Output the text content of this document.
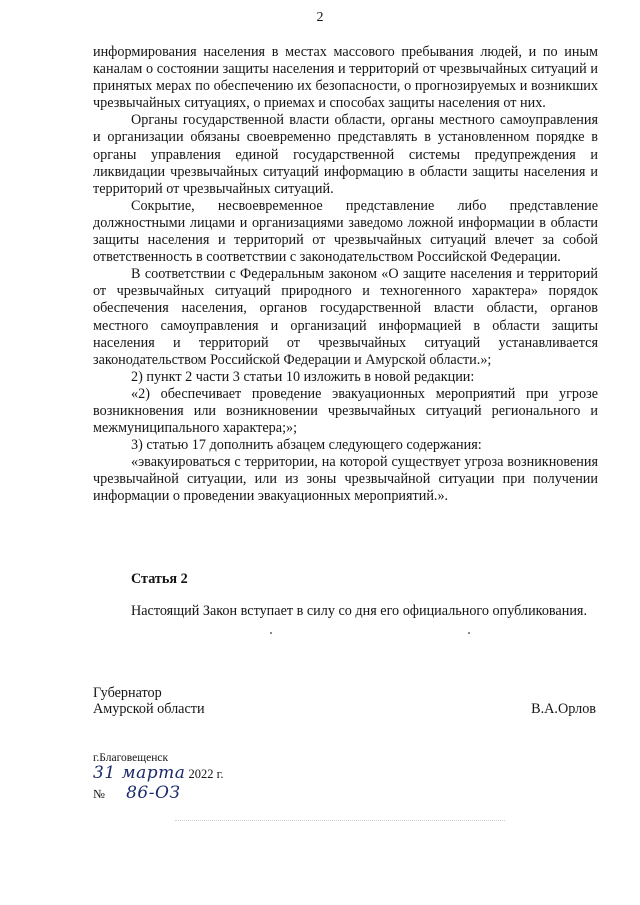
2

информирования населения в местах массового пребывания людей, и по иным каналам о состоянии защиты населения и территорий от чрезвычайных ситуаций и принятых мерах по обеспечению их безопасности, о прогнозируемых и возникших чрезвычайных ситуациях, о приемах и способах защиты населения от них.

Органы государственной власти области, органы местного самоуправления и организации обязаны своевременно представлять в установленном порядке в органы управления единой государственной системы предупреждения и ликвидации чрезвычайных ситуаций информацию в области защиты населения и территорий от чрезвычайных ситуаций.

Сокрытие, несвоевременное представление либо представление должностными лицами и организациями заведомо ложной информации в области защиты населения и территорий от чрезвычайных ситуаций влечет за собой ответственность в соответствии с законодательством Российской Федерации.

В соответствии с Федеральным законом «О защите населения и территорий от чрезвычайных ситуаций природного и техногенного характера» порядок обеспечения населения, органов государственной власти области, органов местного самоуправления и организаций информацией в области защиты населения и территорий от чрезвычайных ситуаций устанавливается законодательством Российской Федерации и Амурской области.»;

2) пункт 2 части 3 статьи 10 изложить в новой редакции:

«2) обеспечивает проведение эвакуационных мероприятий при угрозе возникновения или возникновении чрезвычайных ситуаций регионального и межмуниципального характера;»;

3) статью 17 дополнить абзацем следующего содержания:

«эвакуироваться с территории, на которой существует угроза возникновения чрезвычайной ситуации, или из зоны чрезвычайной ситуации при получении информации о проведении эвакуационных мероприятий.».

Статья 2
Настоящий Закон вступает в силу со дня его официального опубликования.
Губернатор
Амурской области	В.А.Орлов
г.Благовещенск
31 марта 2022 г.
№ 86-ОЗ
